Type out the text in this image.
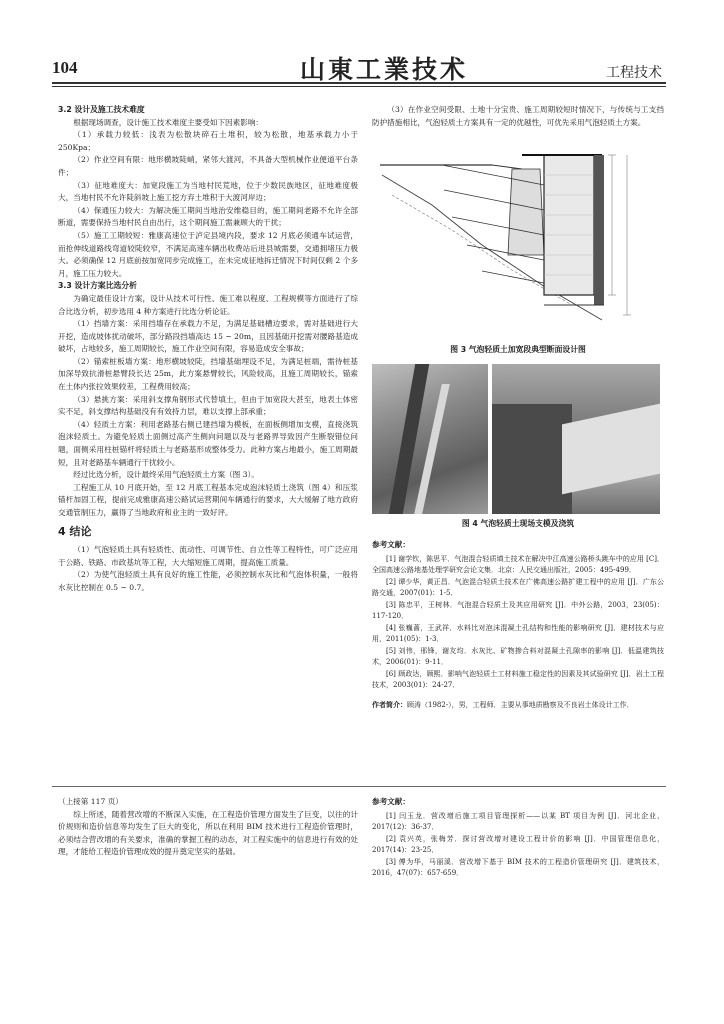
104	山東工業技术	工程技术

3.2 设计及施工技术难度

根据现场调查，设计施工技术难度主要受如下因素影响：

（1）承载力较低：浅表为松散块碎石土堆积，较为松散，地基承载力小于 250Kpa；

（2）作业空间有限：地形横坡陡峭，紧邻大渡河，不具备大型机械作业便道平台条件；

（3）征地难度大：加宽段施工为当地村民荒地，位于少数民族地区，征地难度极大，当地村民不允许陡斜坡上施工挖方弃土堆积于大渡河岸边；

（4）保通压力较大：为解决施工期间当地治安维稳目的，施工期间老路不允许全部断道，需要保持当地村民自由出行，这个期间施工需兼顾大的干扰；

（5）施工工期较短：雅康高速位于泸定县境内段，要求 12 月底必须通车试运营，而抢伸线道路线弯道较陡较窄，不满足高速车辆出收费站后进县城需要，交通拥堵压力极大。必须确保 12 月底前按加宽同步完成施工，在未完成征地拆迁情况下时间仅剩 2 个多月，施工压力较大。

3.3 设计方案比选分析

为确定最佳设计方案，设计从技术可行性、施工难以程度、工程规模等方面进行了综合比选分析，初步选用 4 种方案进行比选分析论证。

（1）挡墙方案：采用挡墙存在承载力不足，为满足基础槽边要求，需对基础进行大开挖，造成坡体扰动破坏，部分路段挡墙高达 15 ~ 20m，且因基础开挖需对腰路基造成破坏，占地较多，施工周期较长，施工作业空间有限，容易造成安全事故；

（2）锚索桩板墙方案：地形横坡较陡，挡墙基础埋设不足，为满足桩端，需待桩基加深导致抗滑桩悬臂段长达 25m，此方案悬臂较长，风险较高，且施工周期较长，锚索在土体内张拉效果较差，工程费用较高；

（3）悬挑方案：采用斜支撑角钢形式代替填土，但由于加宽段大甚至，地表土体密实不足，斜支撑结构基础没有有效持力层，难以支撑上部承重；

（4）轻质土方案：利用老路基右侧已建挡墙为模板，在面板侧增加支模，直接浇筑泡沫轻质土。为避免轻质土面侧过高产生侧向问题以及与老路界导致因产生断裂错位问题，面侧采用柱桩锚杆将轻质土与老路基形成整体受力。此种方案占地最小，施工周期最短，且对老路基车辆通行干扰较小。

经过比选分析，设计最终采用气泡轻质土方案（图 3）。

工程施工从 10 月底开始，至 12 月底工程基本完成泡沫轻质土浇筑（图 4）和压浆锚杆加固工程，提前完成雅康高速公路试运营期间车辆通行的要求，大大缓解了地方政府交通管制压力，赢得了当地政府和业主的一致好评。

4 结论

（1）气泡轻质土具有轻质性、流动性、可调节性、自立性等工程特性，可广泛应用于公路、铁路、市政基坑等工程，大大缩短施工周期，提高施工质量。

（2）为使气泡轻质土具有良好的施工性能，必须控制水灰比和气泡体积量，一般将水灰比控制在 0.5 ~ 0.7。

（3）在作业空间受限、土地十分宝贵、施工周期较短时情况下，与传统与工支挡防护措施相比，气泡轻质土方案具有一定的优越性，可优先采用气泡轻质土方案。

图 3 气泡轻质土加宽段典型断面设计图
图 4 气泡轻质土现场支模及浇筑
参考文献：

[1] 谢学钦，陈思平．气泡混合轻质填土技术在解决中江高速公路桥头跳车中的应用 [C]．全国高速公路地基处理学研究会论文集．北京：人民交通出版社，2005：495-499．

[2] 谭少华，黄正昌．气泡混合轻质土技术在广佛高速公路扩建工程中的应用 [J]．广东公路交通，2007(01)：1-5．

[3] 陈忠平，王树林．气泡混合轻质土及其应用研究 [J]．中外公路，2003，23(05)：117-120．

[4] 张巍蔷，王武祥．水料比对泡沫混凝土孔结构和性能的影响研究 [J]．建材技术与应用，2011(05)：1-3．

[5] 刘伟，邢锋，谢友均．水灰比、矿物掺合料对混凝土孔隙率的影响 [J]．低温建筑技术，2006(01)：9-11．

[6] 顾政达，顾熙．影响气泡轻质土工材料施工稳定性的因素及其试验研究 [J]．岩土工程技术，2003(01)：24-27．

作者简介：顾涛（1982-），男，工程师．主要从事地质勘察及不良岩土体设计工作．

（上接第 117 页）

综上所述，随着营改增的不断深入实施，在工程造价管理方面发生了巨变，以往的计价规则和造价信息等均发生了巨大的变化，所以在利用 BIM 技术进行工程造价管理时，必须结合营改增的有关要求，准确的掌握工程的动态，对工程实施中的信息进行有效的处理，才能给工程造价管理成效的提升奠定坚实的基础。

参考文献：

[1] 闫玉龙．营改增后施工项目管理探析——以某 BT 项目为例 [J]．河北企业，2017(12)：36-37．

[2] 袁兴英，张梅芳．探讨营改增对建设工程计价的影响 [J]．中国管理信息化，2017(14)：23-25．

[3] 傅为华，马丽溪．营改增下基于 BIM 技术的工程造价管理研究 [J]．建筑技术，2016，47(07)：657-659．
